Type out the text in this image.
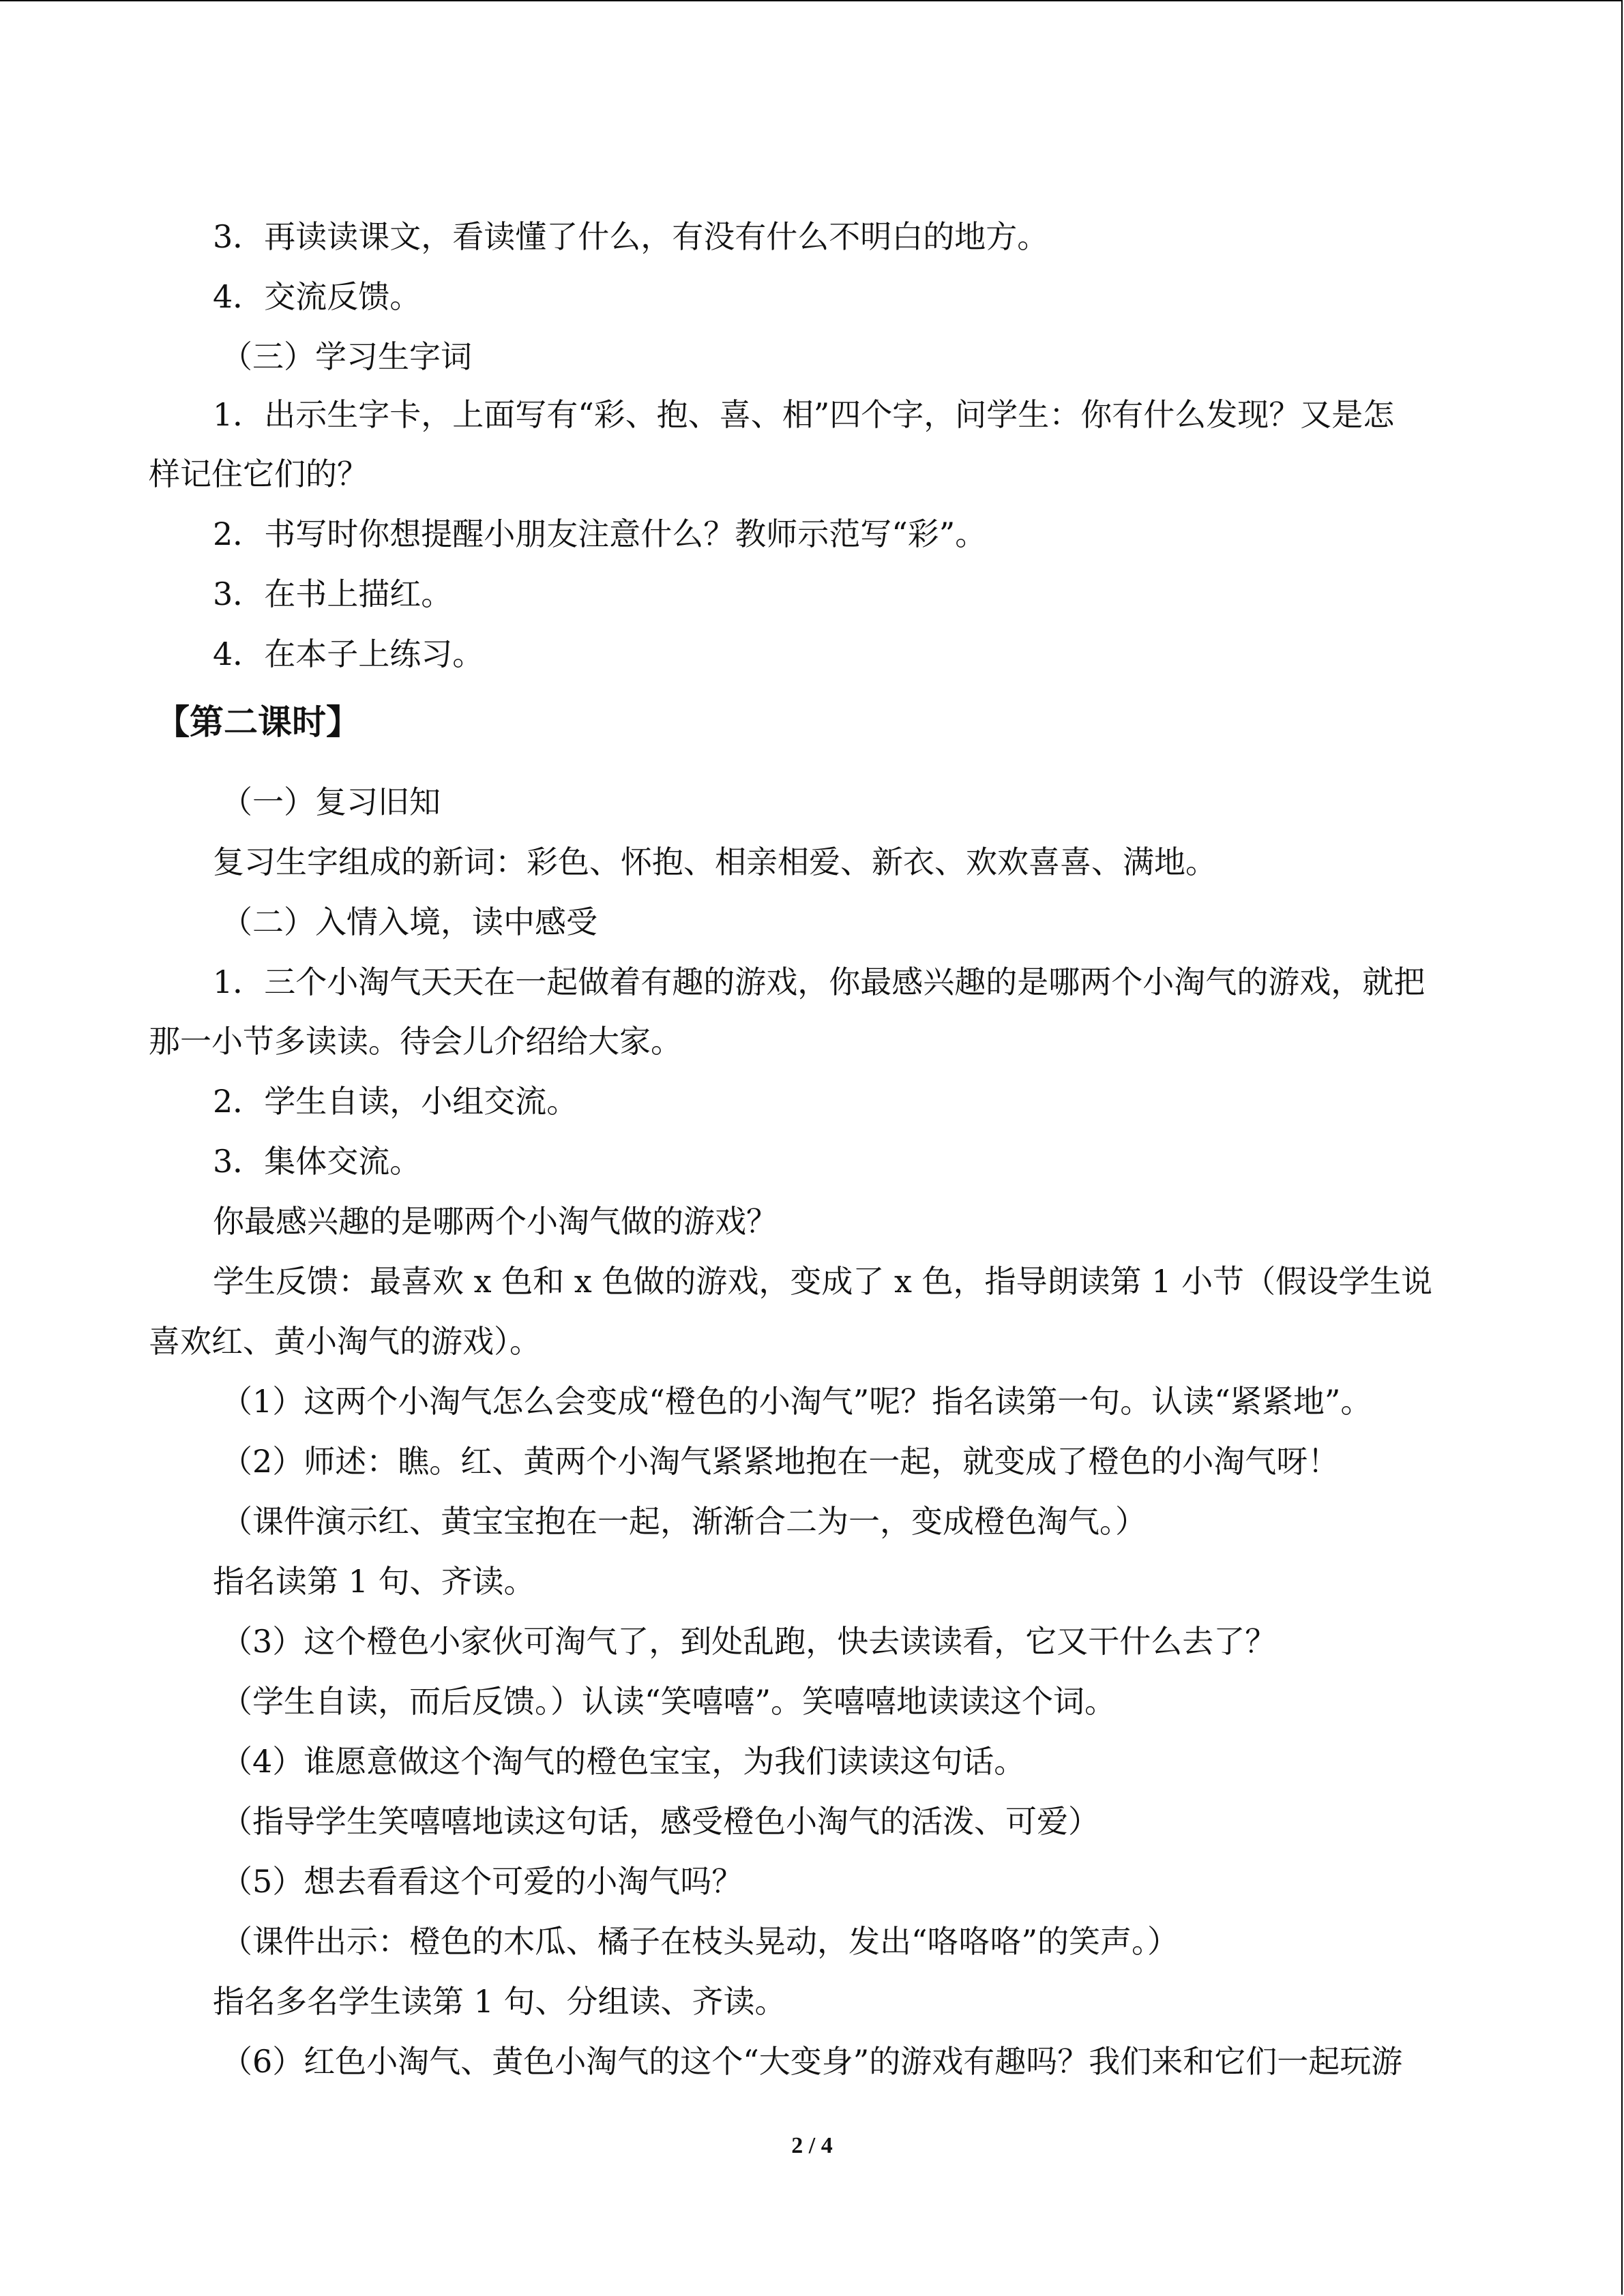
3．再读读课文，看读懂了什么，有没有什么不明白的地方。
4．交流反馈。
（三）学习生字词
1．出示生字卡，上面写有“彩、抱、喜、相”四个字，问学生：你有什么发现？又是怎
样记住它们的？
2．书写时你想提醒小朋友注意什么？教师示范写“彩”。
3．在书上描红。
4．在本子上练习。
【第二课时】
（一）复习旧知
复习生字组成的新词：彩色、怀抱、相亲相爱、新衣、欢欢喜喜、满地。
（二）入情入境，读中感受
1．三个小淘气天天在一起做着有趣的游戏，你最感兴趣的是哪两个小淘气的游戏，就把
那一小节多读读。待会儿介绍给大家。
2．学生自读，小组交流。
3．集体交流。
你最感兴趣的是哪两个小淘气做的游戏？
学生反馈：最喜欢 x 色和 x 色做的游戏，变成了 x 色，指导朗读第 1 小节（假设学生说
喜欢红、黄小淘气的游戏）。
（1）这两个小淘气怎么会变成“橙色的小淘气”呢？指名读第一句。认读“紧紧地”。
（2）师述：瞧。红、黄两个小淘气紧紧地抱在一起，就变成了橙色的小淘气呀！
（课件演示红、黄宝宝抱在一起，渐渐合二为一，变成橙色淘气。）
指名读第 1 句、齐读。
（3）这个橙色小家伙可淘气了，到处乱跑，快去读读看，它又干什么去了？
（学生自读，而后反馈。）认读“笑嘻嘻”。笑嘻嘻地读读这个词。
（4）谁愿意做这个淘气的橙色宝宝，为我们读读这句话。
（指导学生笑嘻嘻地读这句话，感受橙色小淘气的活泼、可爱）
（5）想去看看这个可爱的小淘气吗？
（课件出示：橙色的木瓜、橘子在枝头晃动，发出“咯咯咯”的笑声。）
指名多名学生读第 1 句、分组读、齐读。
（6）红色小淘气、黄色小淘气的这个“大变身”的游戏有趣吗？我们来和它们一起玩游
2 / 4
